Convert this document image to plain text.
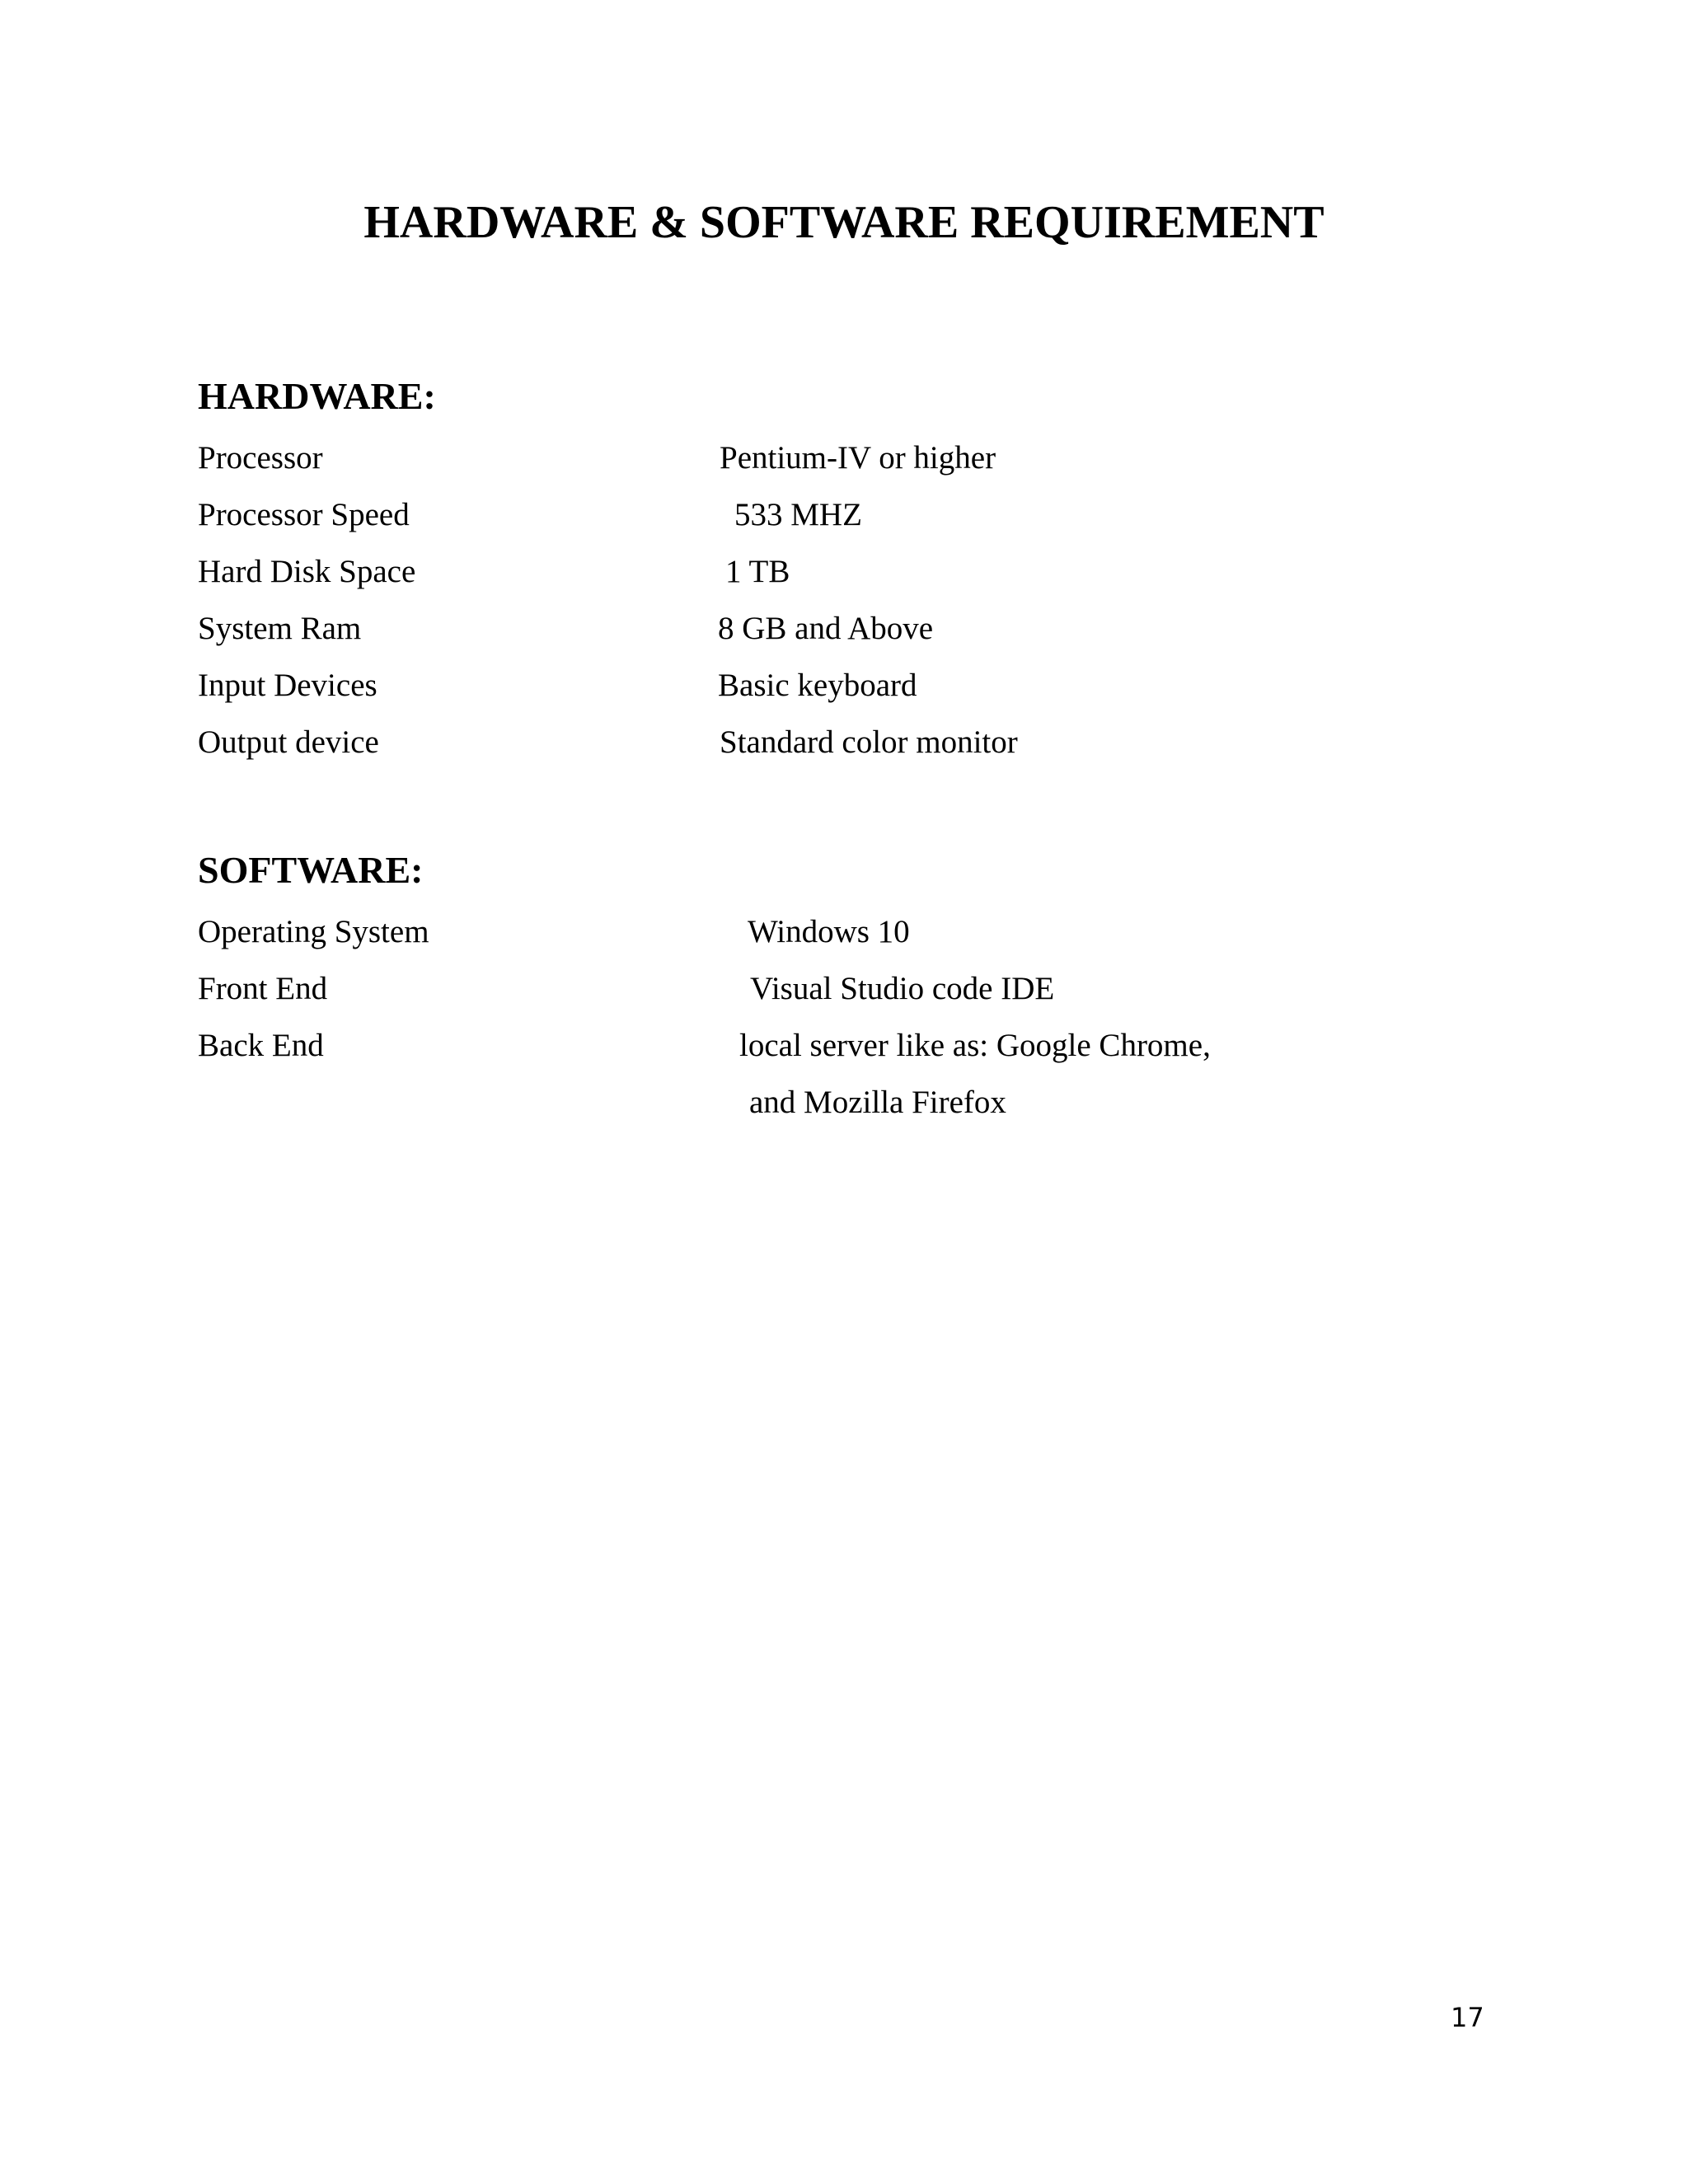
HARDWARE & SOFTWARE REQUIREMENT
HARDWARE:
Processor	Pentium-IV or higher
Processor Speed	533 MHZ
Hard Disk Space	1 TB
System Ram	8 GB and Above
Input Devices	Basic keyboard
Output device	Standard color monitor
SOFTWARE:
Operating System	Windows 10
Front End	Visual Studio code IDE
Back End	local server like as: Google Chrome,
and Mozilla Firefox
17
